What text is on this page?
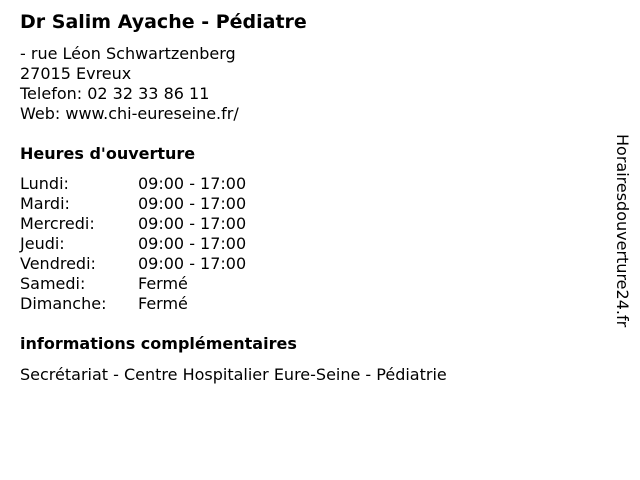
Dr Salim Ayache - Pédiatre
- rue Léon Schwartzenberg
27015 Evreux
Telefon: 02 32 33 86 11
Web: www.chi-eureseine.fr/
Heures d'ouverture
Lundi:	09:00 - 17:00
Mardi:	09:00 - 17:00
Mercredi:	09:00 - 17:00
Jeudi:	09:00 - 17:00
Vendredi:	09:00 - 17:00
Samedi:	Fermé
Dimanche:	Fermé
informations complémentaires
Secrétariat - Centre Hospitalier Eure-Seine - Pédiatrie
Horairesdouverture24.fr
